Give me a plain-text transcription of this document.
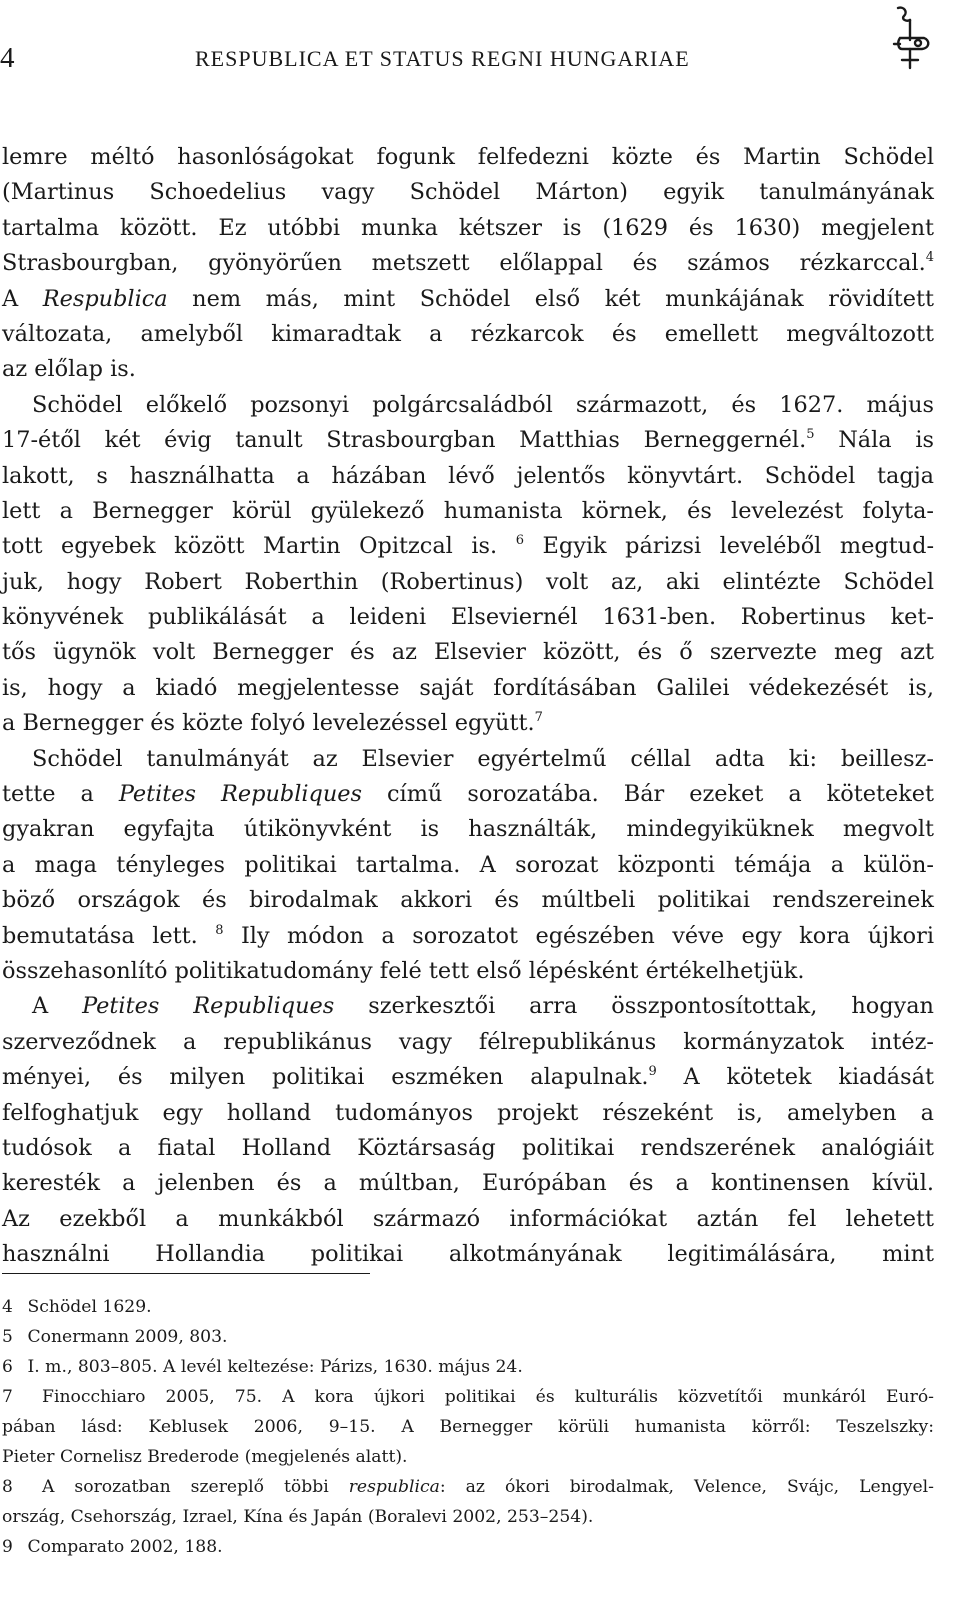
4	RESPUBLICA ET STATUS REGNI HUNGARIAE
lemre méltó hasonlóságokat fogunk felfedezni közte és Martin Schödel
(Martinus Schoedelius vagy Schödel Márton) egyik tanulmányának
tartalma között. Ez utóbbi munka kétszer is (1629 és 1630) megjelent
Strasbourgban, gyönyörűen metszett előlappal és számos rézkarccal.$^4$
A Respublica nem más, mint Schödel első két munkájának rövidített
változata, amelyből kimaradtak a rézkarcok és emellett megváltozott
az előlap is.
Schödel előkelő pozsonyi polgárcsaládból származott, és 1627. május
17-étől két évig tanult Strasbourgban Matthias Berneggernél.$^5$ Nála is
lakott, s használhatta a házában lévő jelentős könyvtárt. Schödel tagja
lett a Bernegger körül gyülekező humanista körnek, és levelezést folyta-
tott egyebek között Martin Opitzcal is. $^6$ Egyik párizsi leveléből megtud-
juk, hogy Robert Roberthin (Robertinus) volt az, aki elintézte Schödel
könyvének publikálását a leideni Elseviernél 1631-ben. Robertinus ket-
tős ügynök volt Bernegger és az Elsevier között, és ő szervezte meg azt
is, hogy a kiadó megjelentesse saját fordításában Galilei védekezését is,
a Bernegger és közte folyó levelezéssel együtt.$^7$
Schödel tanulmányát az Elsevier egyértelmű céllal adta ki: beillesz-
tette a Petites Republiques című sorozatába. Bár ezeket a köteteket
gyakran egyfajta útikönyvként is használták, mindegyiküknek megvolt
a maga tényleges politikai tartalma. A sorozat központi témája a külön-
böző országok és birodalmak akkori és múltbeli politikai rendszereinek
bemutatása lett. $^8$ Ily módon a sorozatot egészében véve egy kora újkori
összehasonlító politikatudomány felé tett első lépésként értékelhetjük.
A Petites Republiques szerkesztői arra összpontosítottak, hogyan
szerveződnek a republikánus vagy félrepublikánus kormányzatok intéz-
ményei, és milyen politikai eszméken alapulnak.$^9$ A kötetek kiadását
felfoghatjuk egy holland tudományos projekt részeként is, amelyben a
tudósok a fiatal Holland Köztársaság politikai rendszerének analógiáit
keresték a jelenben és a múltban, Európában és a kontinensen kívül.
Az ezekből a munkákból származó információkat aztán fel lehetett
használni Hollandia politikai alkotmányának legitimálására, mint
4 Schödel 1629.
5 Conermann 2009, 803.
6 I. m., 803–805. A levél keltezése: Párizs, 1630. május 24.
7 Finocchiaro 2005, 75. A kora újkori politikai és kulturális közvetítői munkáról Euró-
pában lásd: Keblusek 2006, 9–15. A Bernegger körüli humanista körről: Teszelszky:
Pieter Cornelisz Brederode (megjelenés alatt).
8 A sorozatban szereplő többi respublica: az ókori birodalmak, Velence, Svájc, Lengyel-
ország, Csehország, Izrael, Kína és Japán (Boralevi 2002, 253–254).
9 Comparato 2002, 188.
